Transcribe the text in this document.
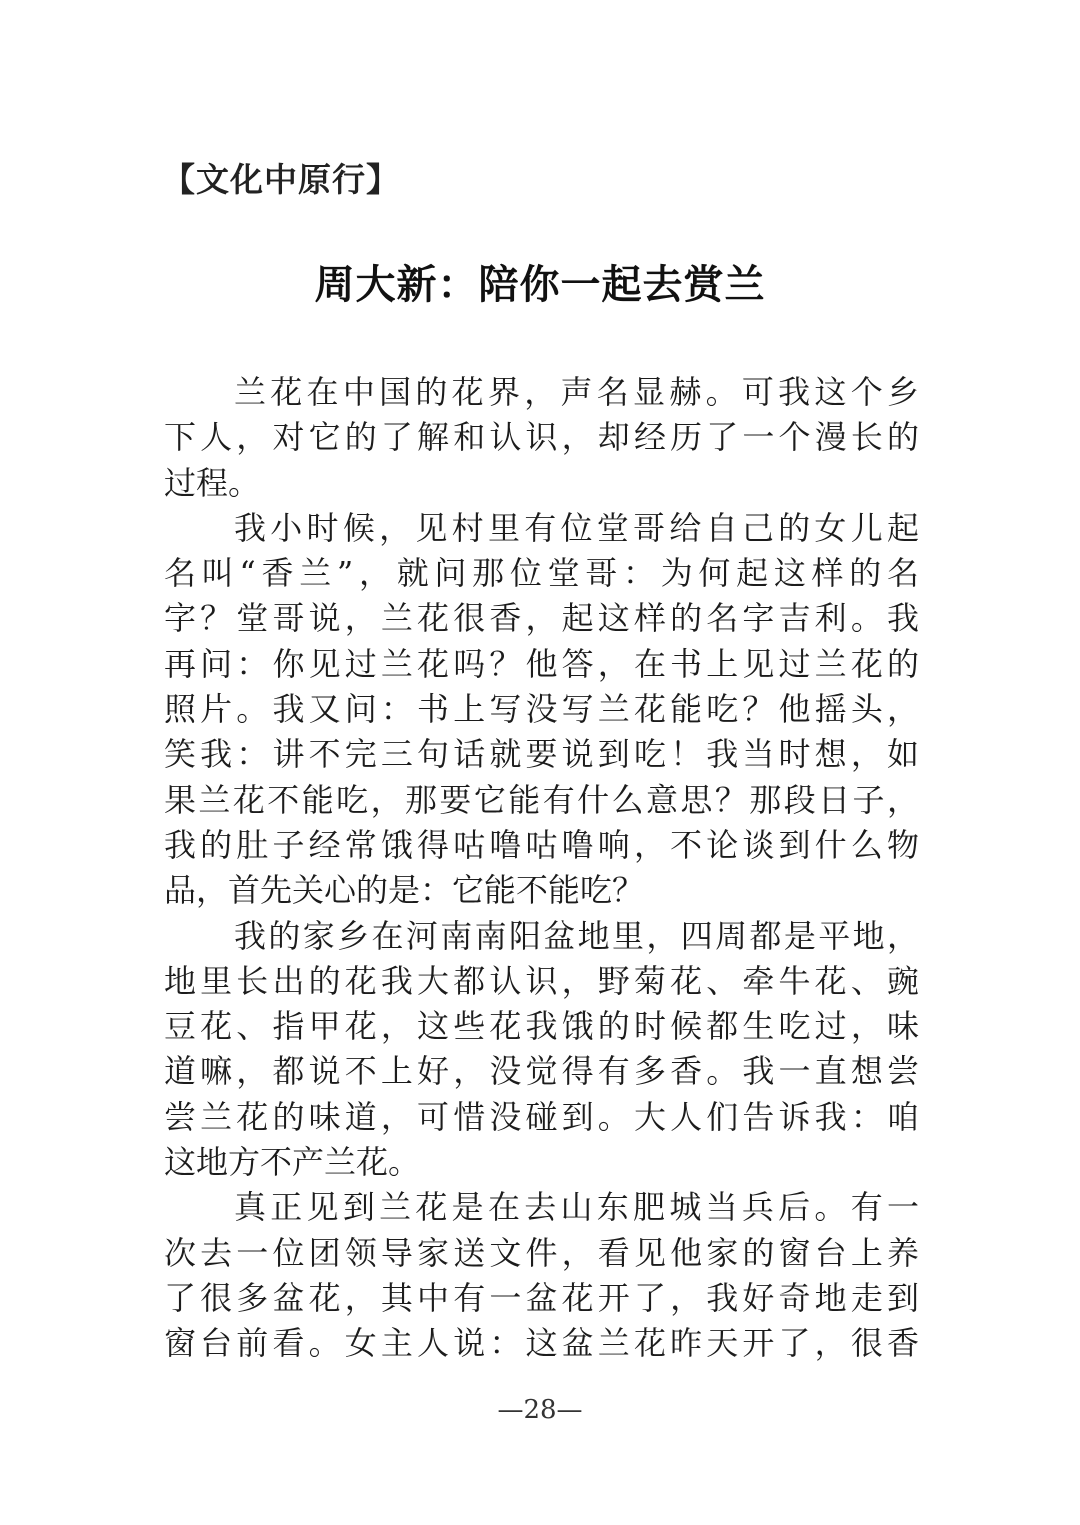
【文化中原行】
周大新：陪你一起去赏兰
兰花在中国的花界，声名显赫。可我这个乡
下人，对它的了解和认识，却经历了一个漫长的
过程。
我小时候，见村里有位堂哥给自己的女儿起
名叫“香兰”，就问那位堂哥：为何起这样的名
字？堂哥说，兰花很香，起这样的名字吉利。我
再问：你见过兰花吗？他答，在书上见过兰花的
照片。我又问：书上写没写兰花能吃？他摇头，
笑我：讲不完三句话就要说到吃！我当时想，如
果兰花不能吃，那要它能有什么意思？那段日子，
我的肚子经常饿得咕噜咕噜响，不论谈到什么物
品，首先关心的是：它能不能吃？
我的家乡在河南南阳盆地里，四周都是平地，
地里长出的花我大都认识，野菊花、牵牛花、豌
豆花、指甲花，这些花我饿的时候都生吃过，味
道嘛，都说不上好，没觉得有多香。我一直想尝
尝兰花的味道，可惜没碰到。大人们告诉我：咱
这地方不产兰花。
真正见到兰花是在去山东肥城当兵后。有一
次去一位团领导家送文件，看见他家的窗台上养
了很多盆花，其中有一盆花开了，我好奇地走到
窗台前看。女主人说：这盆兰花昨天开了，很香
—28—
